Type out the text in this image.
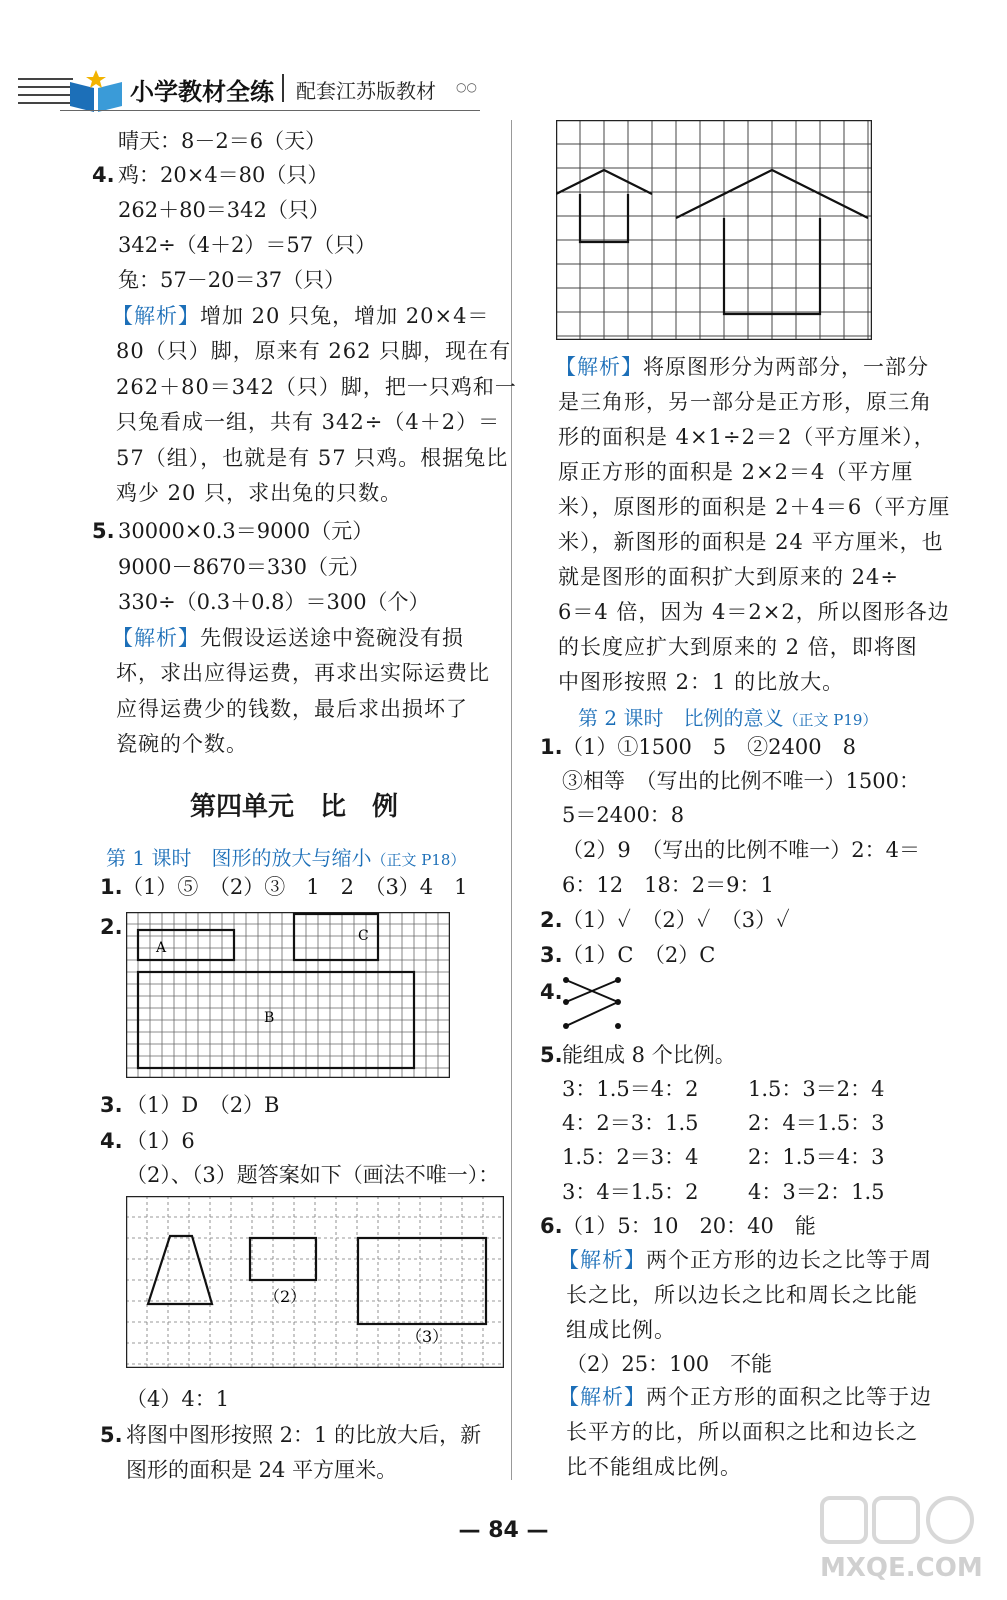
小学教材全练 配套江苏版教材 ○○
晴天：8－2＝6（天）
4. 鸡：20×4＝80（只）
262＋80＝342（只）
342÷（4＋2）＝57（只）
兔：57－20＝37（只）
【解析】增加 20 只兔，增加 20×4＝
80（只）脚，原来有 262 只脚，现在有
262＋80＝342（只）脚，把一只鸡和一
只兔看成一组，共有 342÷（4＋2）＝
57（组），也就是有 57 只鸡。根据兔比
鸡少 20 只，求出兔的只数。
5. 30000×0.3＝9000（元）
9000－8670＝330（元）
330÷（0.3＋0.8）＝300（个）
【解析】先假设运送途中瓷碗没有损
坏，求出应得运费，再求出实际运费比
应得运费少的钱数，最后求出损坏了
瓷碗的个数。
第四单元　比　例
第 1 课时　图形的放大与缩小（正文 P18）
1. （1）⑤　（2）③　1　2　（3）4　1
2.
A
B
C
3. （1）D　（2）B
4. （1）6
（2）、（3）题答案如下（画法不唯一）：
（2）
（3）
（4）4：1
5. 将图中图形按照 2：1 的比放大后，新
图形的面积是 24 平方厘米。
【解析】将原图形分为两部分，一部分
是三角形，另一部分是正方形，原三角
形的面积是 4×1÷2＝2（平方厘米），
原正方形的面积是 2×2＝4（平方厘
米），原图形的面积是 2＋4＝6（平方厘
米），新图形的面积是 24 平方厘米，也
就是图形的面积扩大到原来的 24÷
6＝4 倍，因为 4＝2×2，所以图形各边
的长度应扩大到原来的 2 倍，即将图
中图形按照 2：1 的比放大。
第 2 课时　比例的意义（正文 P19）
1. （1）①1500　5　②2400　8
③相等　（写出的比例不唯一）1500：
5＝2400：8
（2）9　（写出的比例不唯一）2：4＝
6：12　18：2＝9：1
2. （1）✓　（2）✓　（3）✓
3. （1）C　（2）C
4.
5. 能组成 8 个比例。
3：1.5＝4：2 1.5：3＝2：4
4：2＝3：1.5 2：4＝1.5：3
1.5：2＝3：4 2：1.5＝4：3
3：4＝1.5：2 4：3＝2：1.5
6. （1）5：10　20：40　能
【解析】两个正方形的边长之比等于周
长之比，所以边长之比和周长之比能
组成比例。
（2）25：100　不能
【解析】两个正方形的面积之比等于边
长平方的比，所以面积之比和边长之
比不能组成比例。
— 84 —
MXQE.COM
